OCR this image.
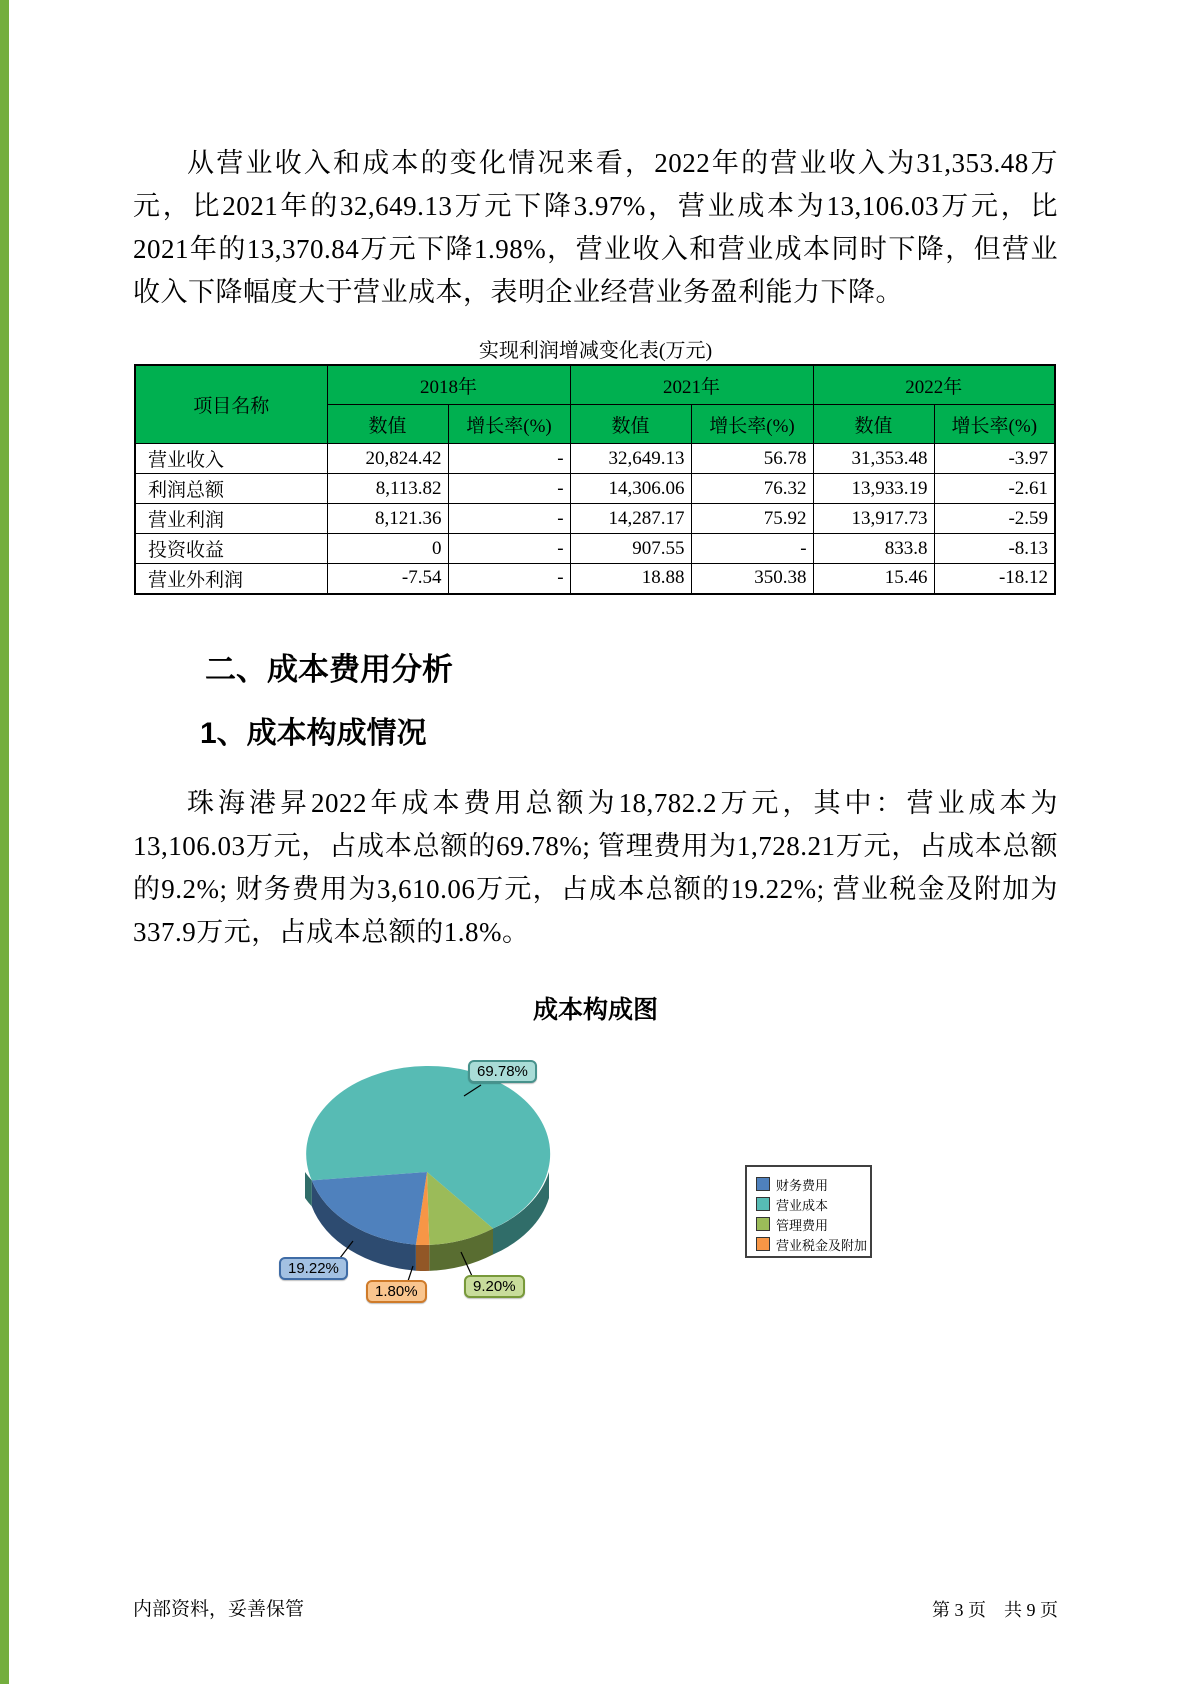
从营业收入和成本的变化情况来看，2022年的营业收入为31,353.48万元，比2021年的32,649.13万元下降3.97%，营业成本为13,106.03万元，比2021年的13,370.84万元下降1.98%，营业收入和营业成本同时下降，但营业收入下降幅度大于营业成本，表明企业经营业务盈利能力下降。
实现利润增减变化表(万元)
项目名称	2018年		2021年		2022年	
	数值	增长率(%)	数值	增长率(%)	数值	增长率(%)
营业收入	20,824.42	-	32,649.13	56.78	31,353.48	-3.97
利润总额	8,113.82	-	14,306.06	76.32	13,933.19	-2.61
营业利润	8,121.36	-	14,287.17	75.92	13,917.73	-2.59
投资收益	0	-	907.55	-	833.8	-8.13
营业外利润	-7.54	-	18.88	350.38	15.46	-18.12
二、成本费用分析
1、成本构成情况
珠海港昇2022年成本费用总额为18,782.2万元，其中：营业成本为13,106.03万元，占成本总额的69.78%; 管理费用为1,728.21万元，占成本总额的9.2%; 财务费用为3,610.06万元，占成本总额的19.22%; 营业税金及附加为337.9万元，占成本总额的1.8%。
成本构成图
69.78%
19.22%
1.80%	9.20%
财务费用
营业成本
管理费用
营业税金及附加
内部资料，妥善保管	第 3 页　共 9 页
